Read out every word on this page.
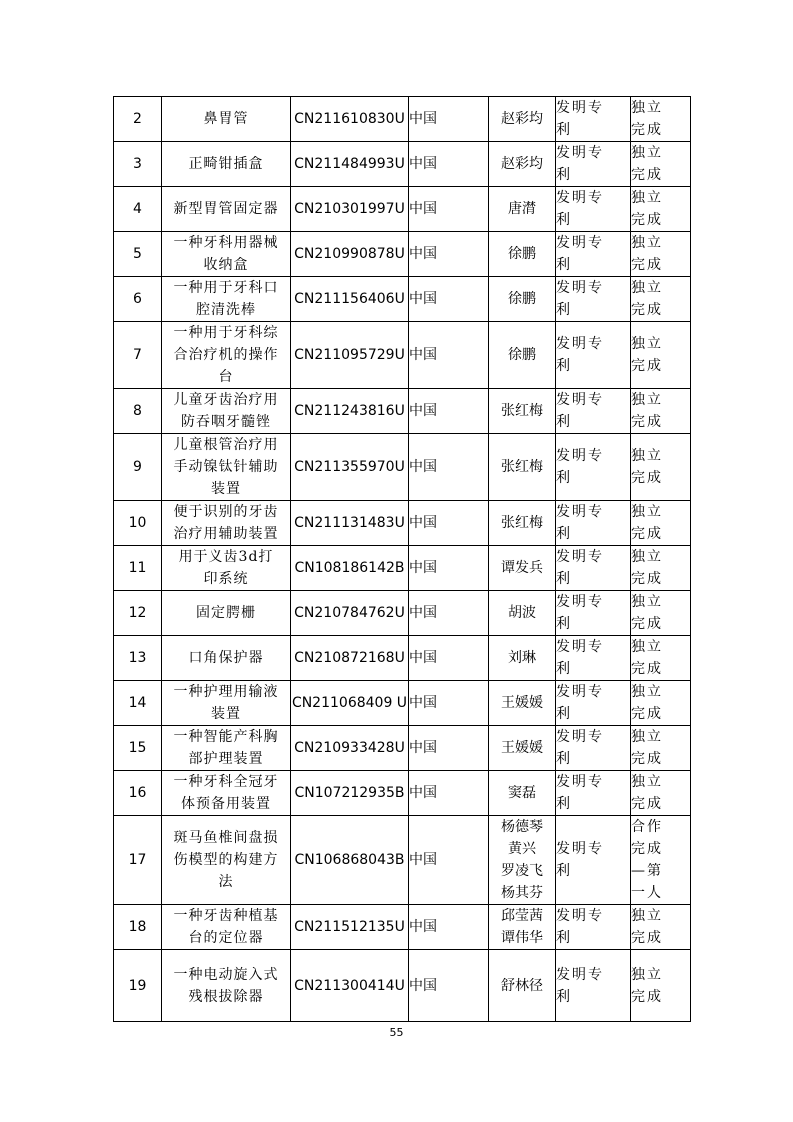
2	鼻胃管	CN211610830U	中国	赵彩均	发明专
利	独立
完成
3	正畸钳插盒	CN211484993U	中国	赵彩均	发明专
利	独立
完成
4	新型胃管固定器	CN210301997U	中国	唐潸	发明专
利	独立
完成
5	一种牙科用器械
收纳盒	CN210990878U	中国	徐鹏	发明专
利	独立
完成
6	一种用于牙科口
腔清洗棒	CN211156406U	中国	徐鹏	发明专
利	独立
完成
7	一种用于牙科综
合治疗机的操作
台	CN211095729U	中国	徐鹏	发明专
利	独立
完成
8	儿童牙齿治疗用
防吞咽牙髓锉	CN211243816U	中国	张红梅	发明专
利	独立
完成
9	儿童根管治疗用
手动镍钛针辅助
装置	CN211355970U	中国	张红梅	发明专
利	独立
完成
10	便于识别的牙齿
治疗用辅助装置	CN211131483U	中国	张红梅	发明专
利	独立
完成
11	用于义齿3d打
印系统	CN108186142B	中国	谭发兵	发明专
利	独立
完成
12	固定腭栅	CN210784762U	中国	胡波	发明专
利	独立
完成
13	口角保护器	CN210872168U	中国	刘琳	发明专
利	独立
完成
14	一种护理用输液
装置	CN211068409 U	中国	王媛媛	发明专
利	独立
完成
15	一种智能产科胸
部护理装置	CN210933428U	中国	王媛媛	发明专
利	独立
完成
16	一种牙科全冠牙
体预备用装置	CN107212935B	中国	窦磊	发明专
利	独立
完成
17	斑马鱼椎间盘损
伤模型的构建方
法	CN106868043B	中国	杨德琴
黄兴
罗凌飞
杨其芬	发明专
利	合作
完成
—第
一人
18	一种牙齿种植基
台的定位器	CN211512135U	中国	邱莹茜
谭伟华	发明专
利	独立
完成
19	一种电动旋入式
残根拔除器	CN211300414U	中国	舒林径	发明专
利	独立
完成
55
